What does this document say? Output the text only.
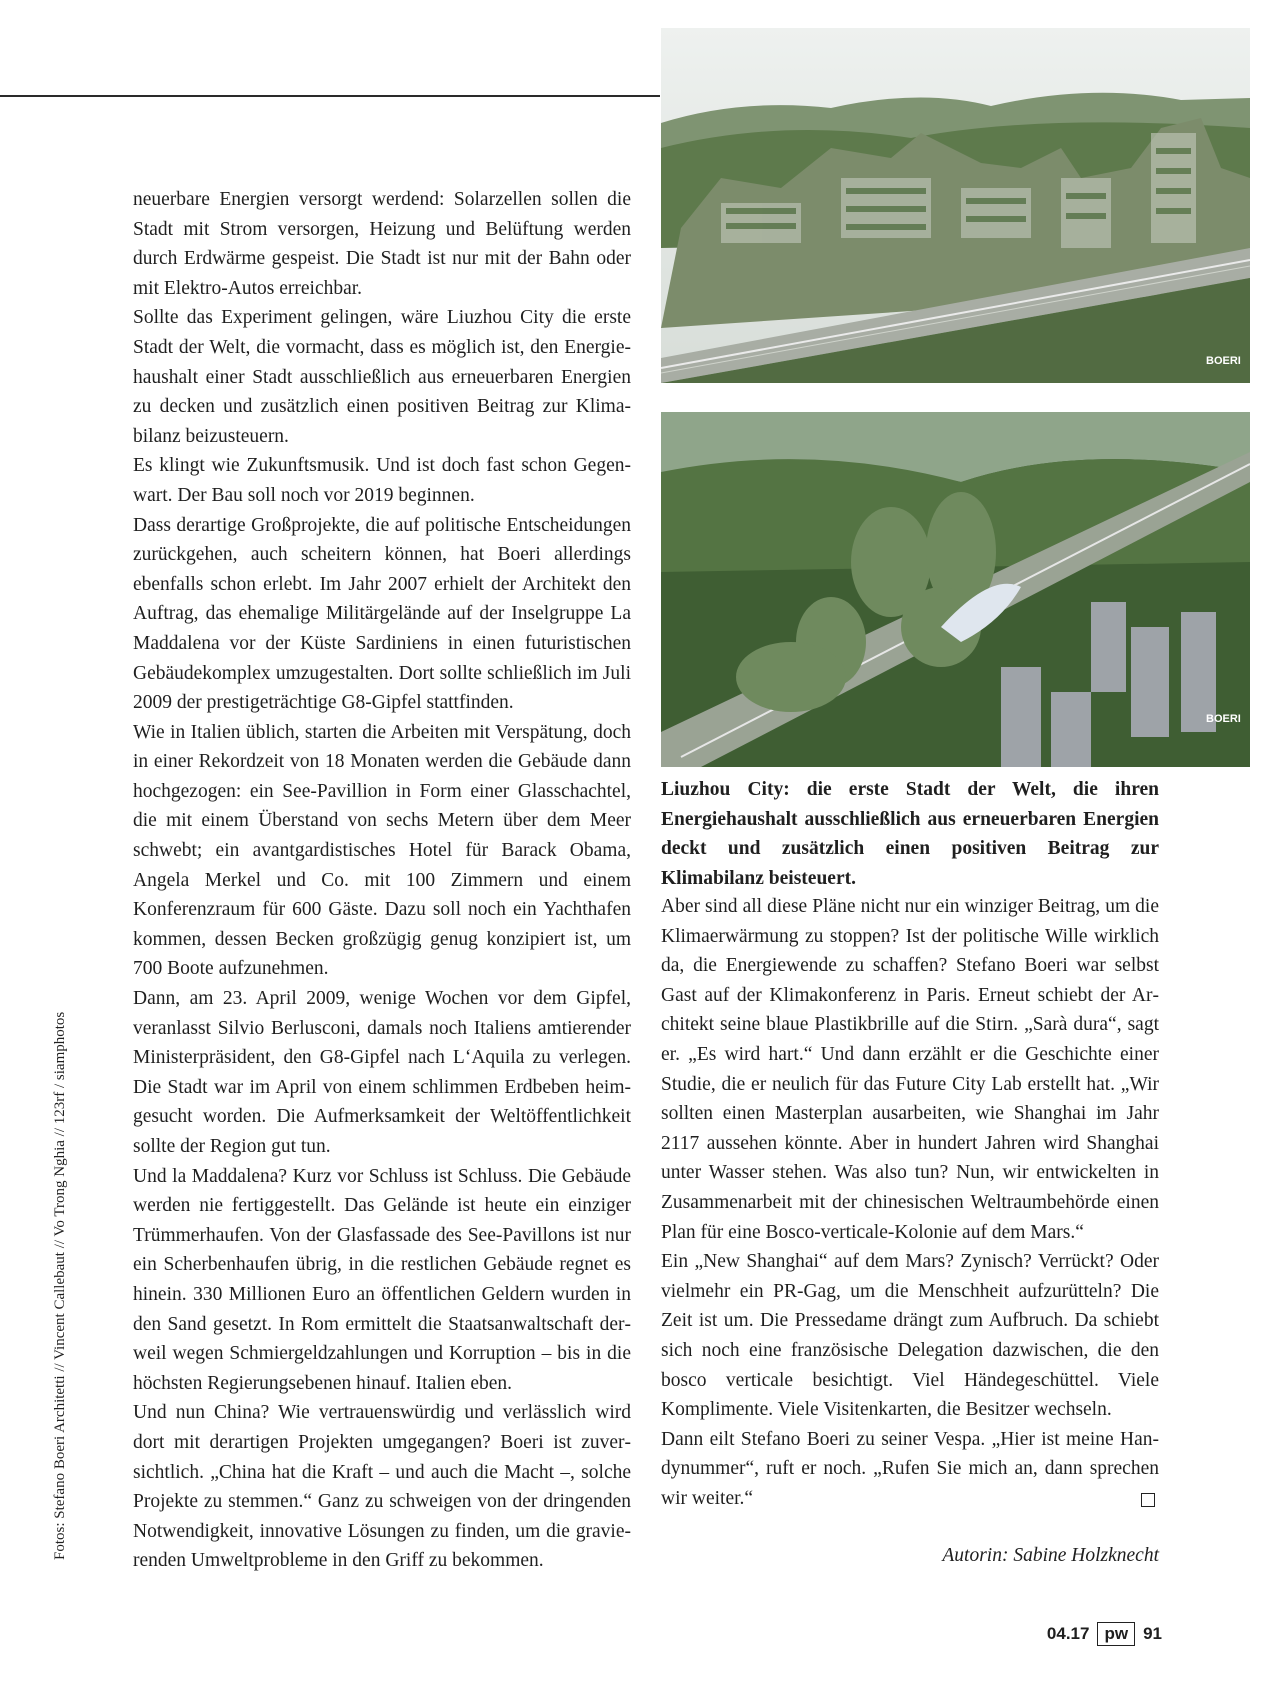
Fotos: Stefano Boeri Architetti // Vincent Callebaut // Vo Trong Nghia // 123rf / siamphotos

neuerbare Energien versorgt werdend: Solarzellen sollen die Stadt mit Strom versorgen, Heizung und Belüftung werden durch Erdwärme gespeist. Die Stadt ist nur mit der Bahn oder mit Elektro-Autos erreichbar.

Sollte das Experiment gelingen, wäre Liuzhou City die erste Stadt der Welt, die vormacht, dass es möglich ist, den Energiehaushalt einer Stadt ausschließlich aus erneuerbaren Energien zu decken und zusätzlich einen positiven Beitrag zur Klimabilanz beizusteuern.

Es klingt wie Zukunftsmusik. Und ist doch fast schon Gegenwart. Der Bau soll noch vor 2019 beginnen.

Dass derartige Großprojekte, die auf politische Entscheidungen zurückgehen, auch scheitern können, hat Boeri allerdings ebenfalls schon erlebt. Im Jahr 2007 erhielt der Architekt den Auftrag, das ehemalige Militärgelände auf der Inselgruppe La Maddalena vor der Küste Sardiniens in einen futuristischen Gebäudekomplex umzugestalten. Dort sollte schließlich im Juli 2009 der prestigeträchtige G8-Gipfel stattfinden.

Wie in Italien üblich, starten die Arbeiten mit Verspätung, doch in einer Rekordzeit von 18 Monaten werden die Gebäude dann hochgezogen: ein See-Pavillion in Form einer Glasschachtel, die mit einem Überstand von sechs Metern über dem Meer schwebt; ein avantgardistisches Hotel für Barack Obama, Angela Merkel und Co. mit 100 Zimmern und einem Konferenzraum für 600 Gäste. Dazu soll noch ein Yachthafen kommen, dessen Becken großzügig genug konzipiert ist, um 700 Boote aufzunehmen.

Dann, am 23. April 2009, wenige Wochen vor dem Gipfel, veranlasst Silvio Berlusconi, damals noch Italiens amtierender Ministerpräsident, den G8-Gipfel nach L‘Aquila zu verlegen. Die Stadt war im April von einem schlimmen Erdbeben heimgesucht worden. Die Aufmerksamkeit der Weltöffentlichkeit sollte der Region gut tun.

Und la Maddalena? Kurz vor Schluss ist Schluss. Die Gebäude werden nie fertiggestellt. Das Gelände ist heute ein einziger Trümmerhaufen. Von der Glasfassade des See-Pavillons ist nur ein Scherbenhaufen übrig, in die restlichen Gebäude regnet es hinein. 330 Millionen Euro an öffentlichen Geldern wurden in den Sand gesetzt. In Rom ermittelt die Staatsanwaltschaft derweil wegen Schmiergeldzahlungen und Korruption – bis in die höchsten Regierungsebenen hinauf. Italien eben.

Und nun China? Wie vertrauenswürdig und verlässlich wird dort mit derartigen Projekten umgegangen? Boeri ist zuversichtlich. „China hat die Kraft – und auch die Macht –, solche Projekte zu stemmen.“ Ganz zu schweigen von der dringenden Notwendigkeit, innovative Lösungen zu finden, um die gravierenden Umweltprobleme in den Griff zu bekommen.

BOERI
BOERI
Liuzhou City: die erste Stadt der Welt, die ihren Energiehaushalt ausschließlich aus erneuerbaren Energien deckt und zusätzlich einen positiven Beitrag zur Klimabilanz beisteuert.

Aber sind all diese Pläne nicht nur ein winziger Beitrag, um die Klimaerwärmung zu stoppen? Ist der politische Wille wirklich da, die Energiewende zu schaffen? Stefano Boeri war selbst Gast auf der Klimakonferenz in Paris. Erneut schiebt der Architekt seine blaue Plastikbrille auf die Stirn. „Sarà dura“, sagt er. „Es wird hart.“ Und dann erzählt er die Geschichte einer Studie, die er neulich für das Future City Lab erstellt hat. „Wir sollten einen Masterplan ausarbeiten, wie Shanghai im Jahr 2117 aussehen könnte. Aber in hundert Jahren wird Shanghai unter Wasser stehen. Was also tun? Nun, wir entwickelten in Zusammenarbeit mit der chinesischen Weltraumbehörde einen Plan für eine Bosco-verticale-Kolonie auf dem Mars.“

Ein „New Shanghai“ auf dem Mars? Zynisch? Verrückt? Oder vielmehr ein PR-Gag, um die Menschheit aufzurütteln? Die Zeit ist um. Die Pressedame drängt zum Aufbruch. Da schiebt sich noch eine französische Delegation dazwischen, die den bosco verticale besichtigt. Viel Händegeschüttel. Viele Komplimente. Viele Visitenkarten, die Besitzer wechseln.

Dann eilt Stefano Boeri zu seiner Vespa. „Hier ist meine Handynummer“, ruft er noch. „Rufen Sie mich an, dann sprechen wir weiter.“

Autorin: Sabine Holzknecht
04.17 pw 91
